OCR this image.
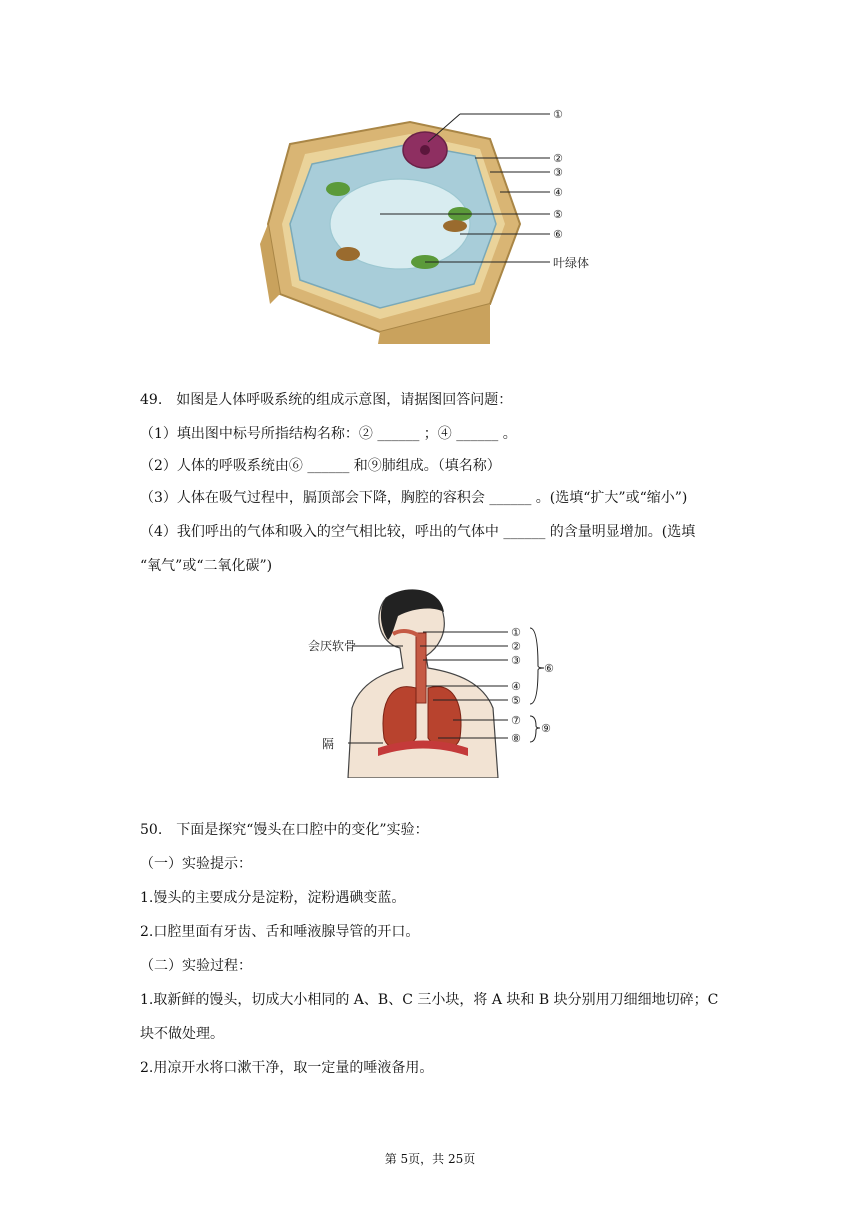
①
②
③
④
⑤
⑥
叶绿体
49. 如图是人体呼吸系统的组成示意图，请据图回答问题：
（1）填出图中标号所指结构名称：② ______ ；④ ______ 。
（2）人体的呼吸系统由⑥ ______ 和⑨肺组成。（填名称）
（3）人体在吸气过程中，膈顶部会下降，胸腔的容积会 ______ 。(选填“扩大”或“缩小”)
（4）我们呼出的气体和吸入的空气相比较，呼出的气体中 ______ 的含量明显增加。(选填
“氧气”或“二氧化碳”)
①
②
③
④
⑤
⑦
⑧
⑥
⑨
会厌软骨
隔
50. 下面是探究“馒头在口腔中的变化”实验：
（一）实验提示：
1.馒头的主要成分是淀粉，淀粉遇碘变蓝。
2.口腔里面有牙齿、舌和唾液腺导管的开口。
（二）实验过程：
1.取新鲜的馒头，切成大小相同的 A、B、C 三小块，将 A 块和 B 块分别用刀细细地切碎；C
块不做处理。
2.用凉开水将口漱干净，取一定量的唾液备用。
第 5页，共 25页
